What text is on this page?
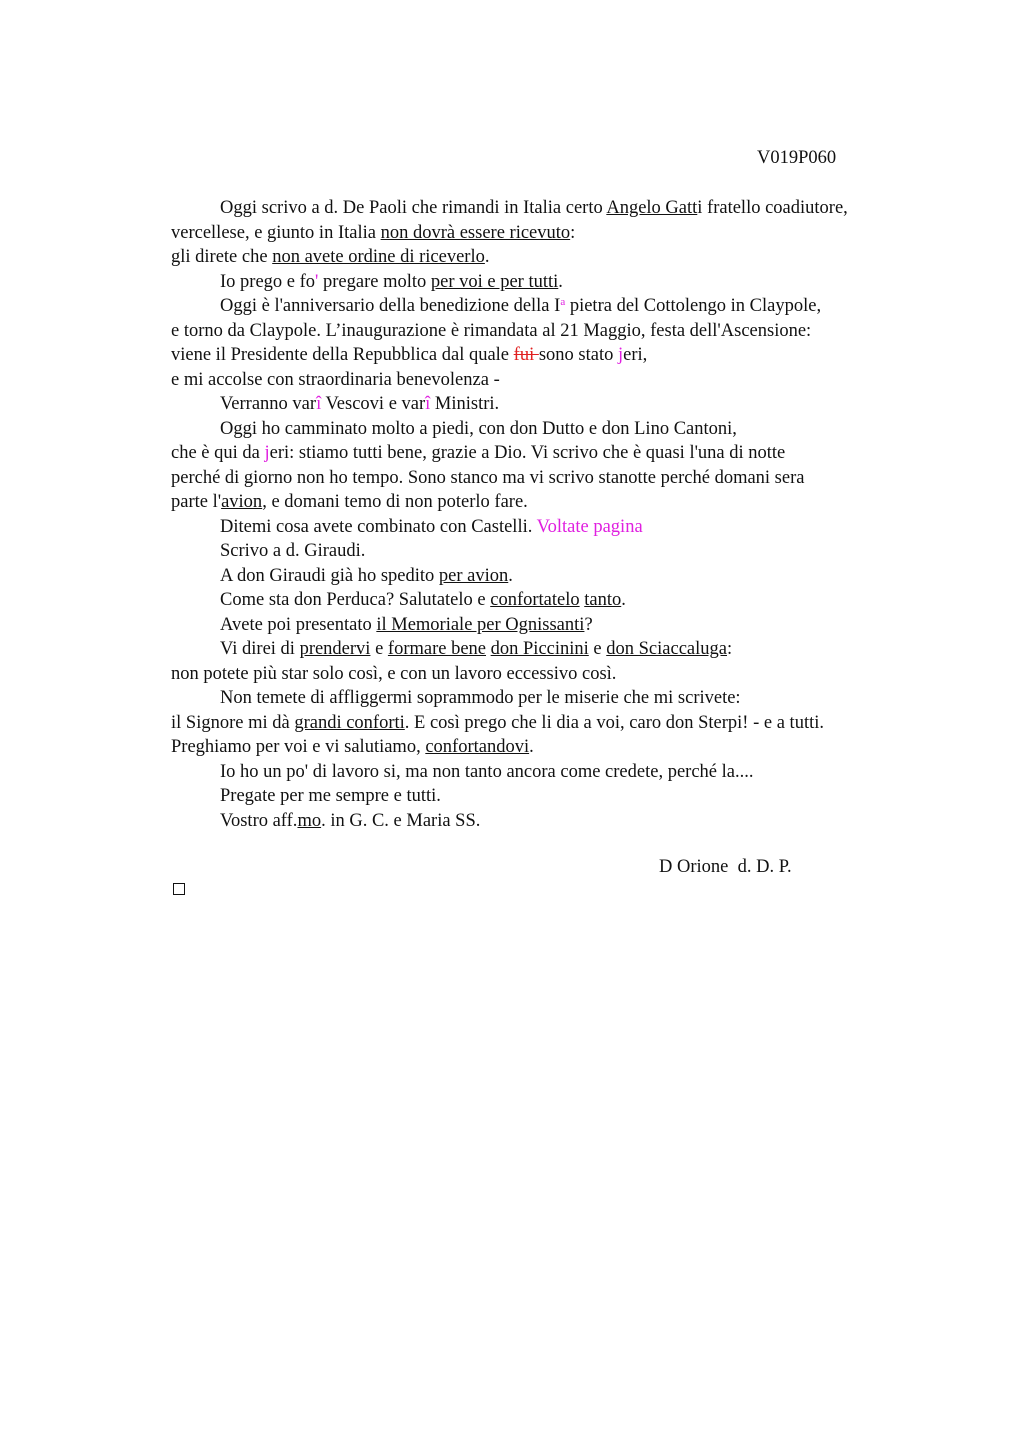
V019P060
Oggi scrivo a d. De Paoli che rimandi in Italia certo Angelo Gatti fratello coadiutore,
vercellese, e giunto in Italia non dovrà essere ricevuto:
gli direte che non avete ordine di riceverlo.
Io prego e fo' pregare molto per voi e per tutti.
Oggi è l'anniversario della benedizione della $I^a$ pietra del Cottolengo in Claypole,
e torno da Claypole. L’inaugurazione è rimandata al 21 Maggio, festa dell'Ascensione:
viene il Presidente della Repubblica dal quale fui sono stato jeri,
e mi accolse con straordinaria benevolenza -
Verranno varî Vescovi e varî Ministri.
Oggi ho camminato molto a piedi, con don Dutto e don Lino Cantoni,
che è qui da jeri: stiamo tutti bene, grazie a Dio. Vi scrivo che è quasi l'una di notte
perché di giorno non ho tempo. Sono stanco ma vi scrivo stanotte perché domani sera
parte l'avion, e domani temo di non poterlo fare.
Ditemi cosa avete combinato con Castelli. Voltate pagina
Scrivo a d. Giraudi.
A don Giraudi già ho spedito per avion.
Come sta don Perduca? Salutatelo e confortatelo tanto.
Avete poi presentato il Memoriale per Ognissanti?
Vi direi di prendervi e formare bene don Piccinini e don Sciaccaluga:
non potete più star solo così, e con un lavoro eccessivo così.
Non temete di affliggermi soprammodo per le miserie che mi scrivete:
il Signore mi dà grandi conforti. E così prego che li dia a voi, caro don Sterpi! - e a tutti.
Preghiamo per voi e vi salutiamo, confortandovi.
Io ho un po' di lavoro si, ma non tanto ancora come credete, perché la....
Pregate per me sempre e tutti.
Vostro aff.mo. in G. C. e Maria SS.
D Orione  d. D. P.
